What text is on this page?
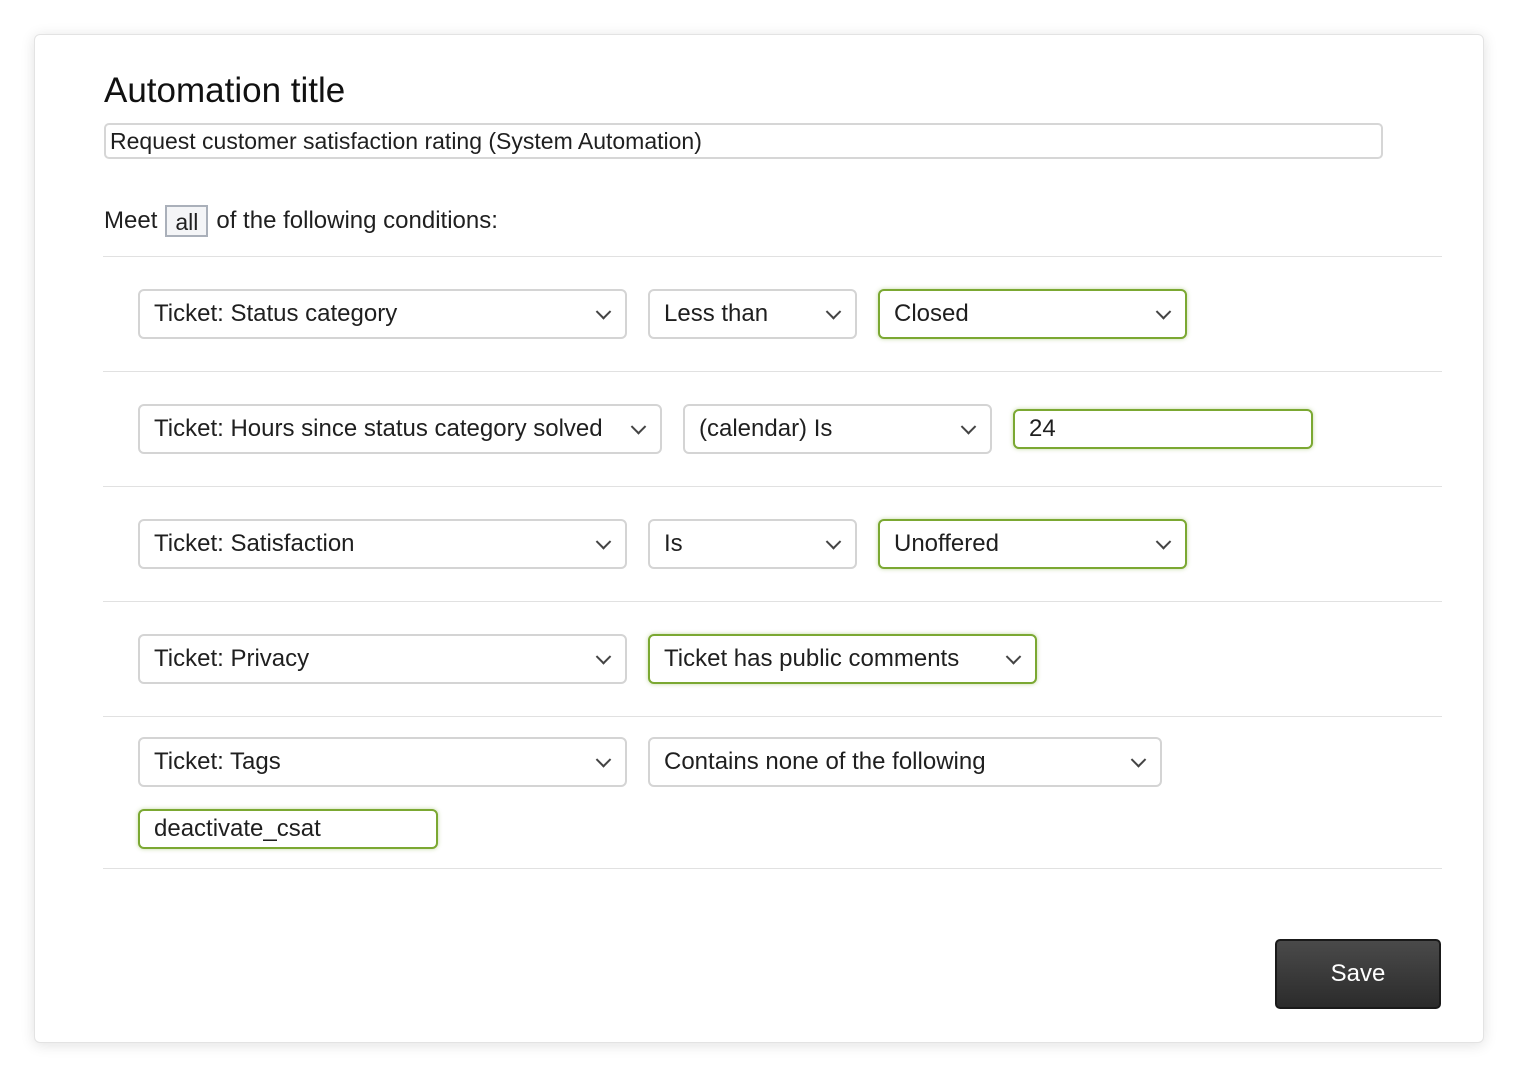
Automation title
Request customer satisfaction rating (System Automation)
Meet all of the following conditions:
Ticket: Status category	Less than	Closed
Ticket: Hours since status category solved	(calendar) Is	24
Ticket: Satisfaction	Is	Unoffered
Ticket: Privacy	Ticket has public comments
Ticket: Tags	Contains none of the following
deactivate_csat
Save
